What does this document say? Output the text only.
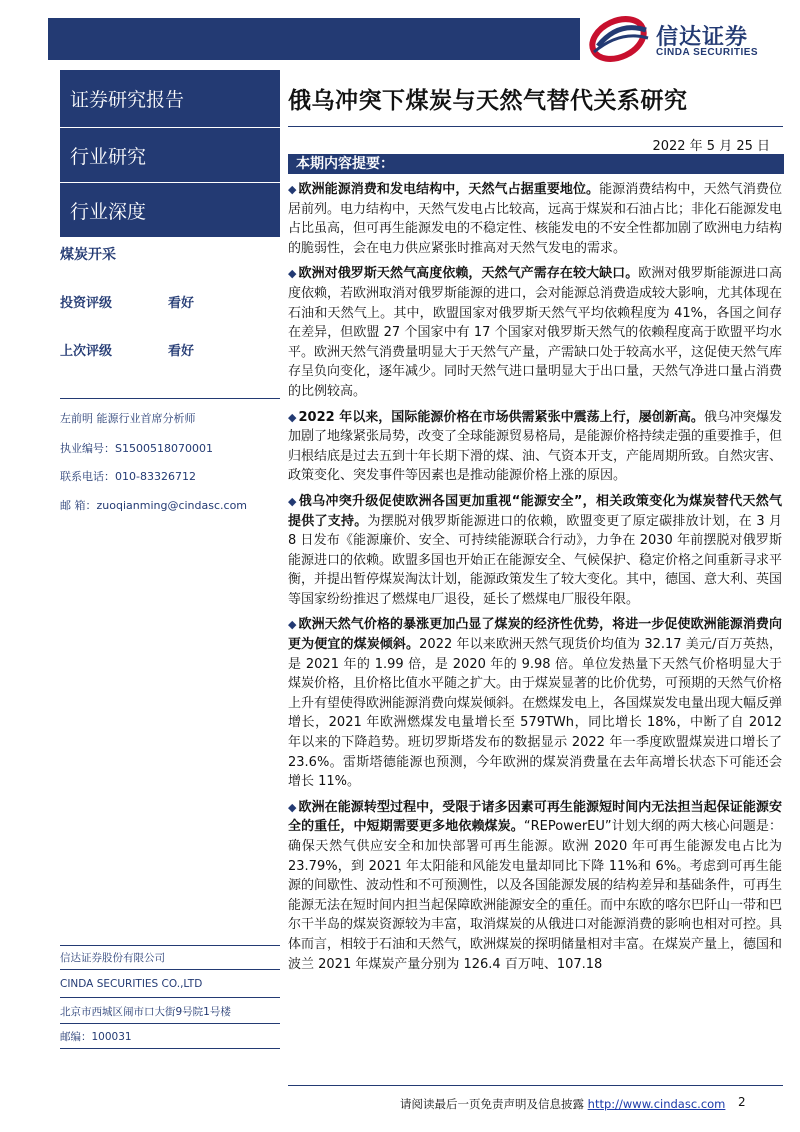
信达证券
CINDA SECURITIES
证券研究报告
行业研究
行业深度
煤炭开采
投资评级	看好
上次评级	看好
左前明 能源行业首席分析师
执业编号：S1500518070001
联系电话：010-83326712
邮 箱：zuoqianming@cindasc.com
信达证券股份有限公司
CINDA SECURITIES CO.,LTD
北京市西城区闹市口大街9号院1号楼
邮编：100031
俄乌冲突下煤炭与天然气替代关系研究
2022 年 5 月 25 日
本期内容提要：
◆ 欧洲能源消费和发电结构中，天然气占据重要地位。能源消费结构中，天然气消费位居前列。电力结构中，天然气发电占比较高，远高于煤炭和石油占比；非化石能源发电占比虽高，但可再生能源发电的不稳定性、核能发电的不安全性都加剧了欧洲电力结构的脆弱性，会在电力供应紧张时推高对天然气发电的需求。
◆ 欧洲对俄罗斯天然气高度依赖，天然气产需存在较大缺口。欧洲对俄罗斯能源进口高度依赖，若欧洲取消对俄罗斯能源的进口，会对能源总消费造成较大影响，尤其体现在石油和天然气上。其中，欧盟国家对俄罗斯天然气平均依赖程度为 41%，各国之间存在差异，但欧盟 27 个国家中有 17 个国家对俄罗斯天然气的依赖程度高于欧盟平均水平。欧洲天然气消费量明显大于天然气产量，产需缺口处于较高水平，这促使天然气库存呈负向变化，逐年减少。同时天然气进口量明显大于出口量，天然气净进口量占消费的比例较高。
◆ 2022 年以来，国际能源价格在市场供需紧张中震荡上行，屡创新高。俄乌冲突爆发加剧了地缘紧张局势，改变了全球能源贸易格局，是能源价格持续走强的重要推手，但归根结底是过去五到十年长期下滑的煤、油、气资本开支，产能周期所致。自然灾害、政策变化、突发事件等因素也是推动能源价格上涨的原因。
◆ 俄乌冲突升级促使欧洲各国更加重视“能源安全”，相关政策变化为煤炭替代天然气提供了支持。为摆脱对俄罗斯能源进口的依赖，欧盟变更了原定碳排放计划，在 3 月 8 日发布《能源廉价、安全、可持续能源联合行动》，力争在 2030 年前摆脱对俄罗斯能源进口的依赖。欧盟多国也开始正在能源安全、气候保护、稳定价格之间重新寻求平衡，并提出暂停煤炭淘汰计划，能源政策发生了较大变化。其中，德国、意大利、英国等国家纷纷推迟了燃煤电厂退役，延长了燃煤电厂服役年限。
◆ 欧洲天然气价格的暴涨更加凸显了煤炭的经济性优势，将进一步促使欧洲能源消费向更为便宜的煤炭倾斜。2022 年以来欧洲天然气现货价均值为 32.17 美元/百万英热，是 2021 年的 1.99 倍，是 2020 年的 9.98 倍。单位发热量下天然气价格明显大于煤炭价格，且价格比值水平随之扩大。由于煤炭显著的比价优势，可预期的天然气价格上升有望使得欧洲能源消费向煤炭倾斜。在燃煤发电上，各国煤炭发电量出现大幅反弹增长，2021 年欧洲燃煤发电量增长至 579TWh，同比增长 18%，中断了自 2012 年以来的下降趋势。班切罗斯塔发布的数据显示 2022 年一季度欧盟煤炭进口增长了 23.6%。雷斯塔德能源也预测，今年欧洲的煤炭消费量在去年高增长状态下可能还会增长 11%。
◆ 欧洲在能源转型过程中，受限于诸多因素可再生能源短时间内无法担当起保证能源安全的重任，中短期需要更多地依赖煤炭。“REPowerEU”计划大纲的两大核心问题是：确保天然气供应安全和加快部署可再生能源。欧洲 2020 年可再生能源发电占比为 23.79%，到 2021 年太阳能和风能发电量却同比下降 11%和 6%。考虑到可再生能源的间歇性、波动性和不可预测性，以及各国能源发展的结构差异和基础条件，可再生能源无法在短时间内担当起保障欧洲能源安全的重任。而中东欧的喀尔巴阡山一带和巴尔干半岛的煤炭资源较为丰富，取消煤炭的从俄进口对能源消费的影响也相对可控。具体而言，相较于石油和天然气，欧洲煤炭的探明储量相对丰富。在煤炭产量上，德国和波兰 2021 年煤炭产量分别为 126.4 百万吨、107.18
请阅读最后一页免责声明及信息披露 http://www.cindasc.com 2
